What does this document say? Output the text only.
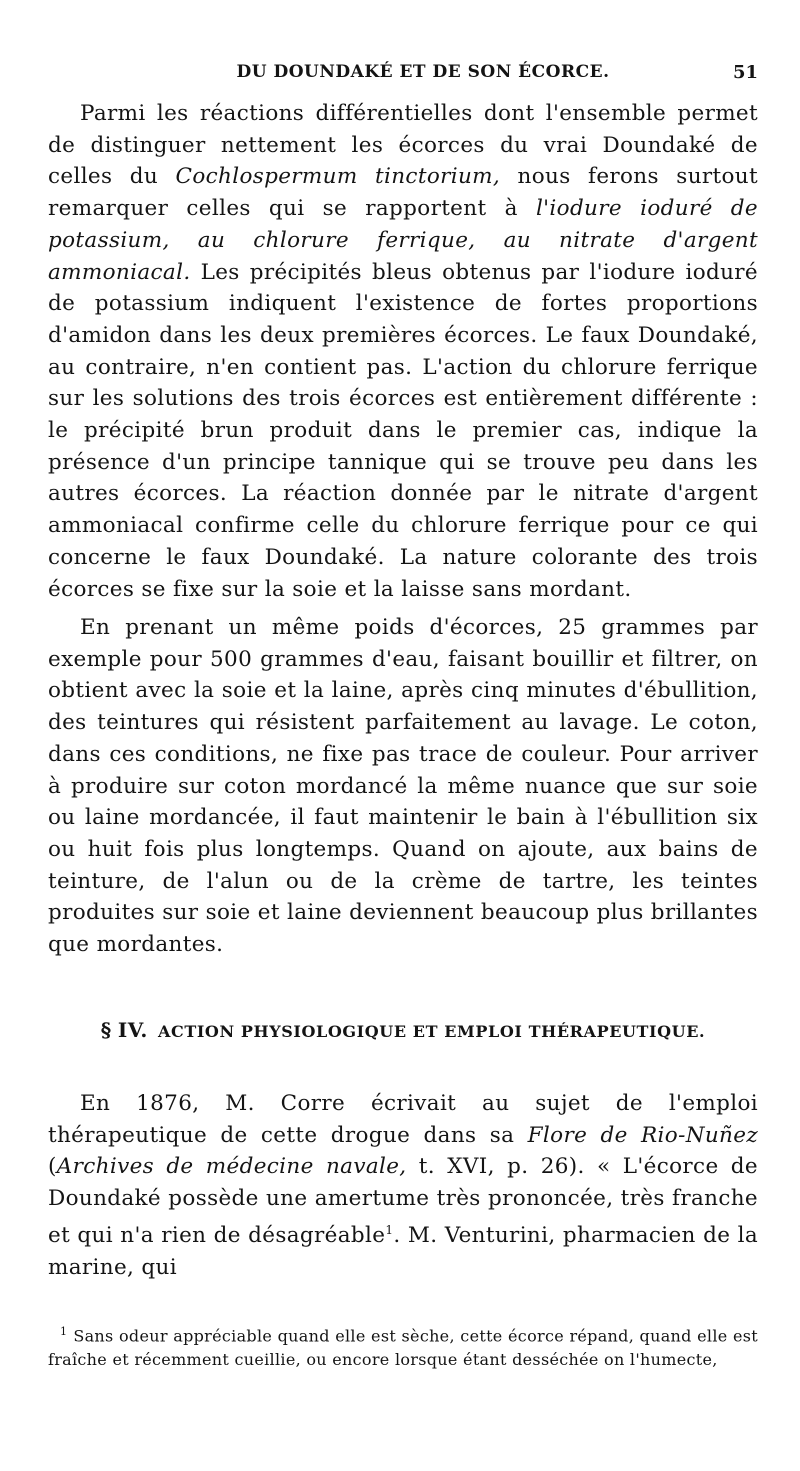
DU DOUNDAKÉ ET DE SON ÉCORCE.	51

Parmi les réactions différentielles dont l'ensemble permet de distinguer nettement les écorces du vrai Doundaké de celles du Cochlospermum tinctorium, nous ferons surtout remarquer celles qui se rapportent à l'iodure ioduré de potassium, au chlorure ferrique, au nitrate d'argent ammoniacal. Les précipités bleus obtenus par l'iodure ioduré de potassium indiquent l'existence de fortes proportions d'amidon dans les deux premières écorces. Le faux Doundaké, au contraire, n'en contient pas. L'action du chlorure ferrique sur les solutions des trois écorces est entièrement différente : le précipité brun produit dans le premier cas, indique la présence d'un principe tannique qui se trouve peu dans les autres écorces. La réaction donnée par le nitrate d'argent ammoniacal confirme celle du chlorure ferrique pour ce qui concerne le faux Doundaké. La nature colorante des trois écorces se fixe sur la soie et la laisse sans mordant.

En prenant un même poids d'écorces, 25 grammes par exemple pour 500 grammes d'eau, faisant bouillir et filtrer, on obtient avec la soie et la laine, après cinq minutes d'ébullition, des teintures qui résistent parfaitement au lavage. Le coton, dans ces conditions, ne fixe pas trace de couleur. Pour arriver à produire sur coton mordancé la même nuance que sur soie ou laine mordancée, il faut maintenir le bain à l'ébullition six ou huit fois plus longtemps. Quand on ajoute, aux bains de teinture, de l'alun ou de la crème de tartre, les teintes produites sur soie et laine deviennent beaucoup plus brillantes que mordantes.

§ IV. ACTION PHYSIOLOGIQUE ET EMPLOI THÉRAPEUTIQUE.

En 1876, M. Corre écrivait au sujet de l'emploi thérapeutique de cette drogue dans sa Flore de Rio-Nuñez (Archives de médecine navale, t. XVI, p. 26). « L'écorce de Doundaké possède une amertume très prononcée, très franche et qui n'a rien de désagréable$^1$. M. Venturini, pharmacien de la marine, qui

$^1$ Sans odeur appréciable quand elle est sèche, cette écorce répand, quand elle est fraîche et récemment cueillie, ou encore lorsque étant desséchée on l'humecte,
